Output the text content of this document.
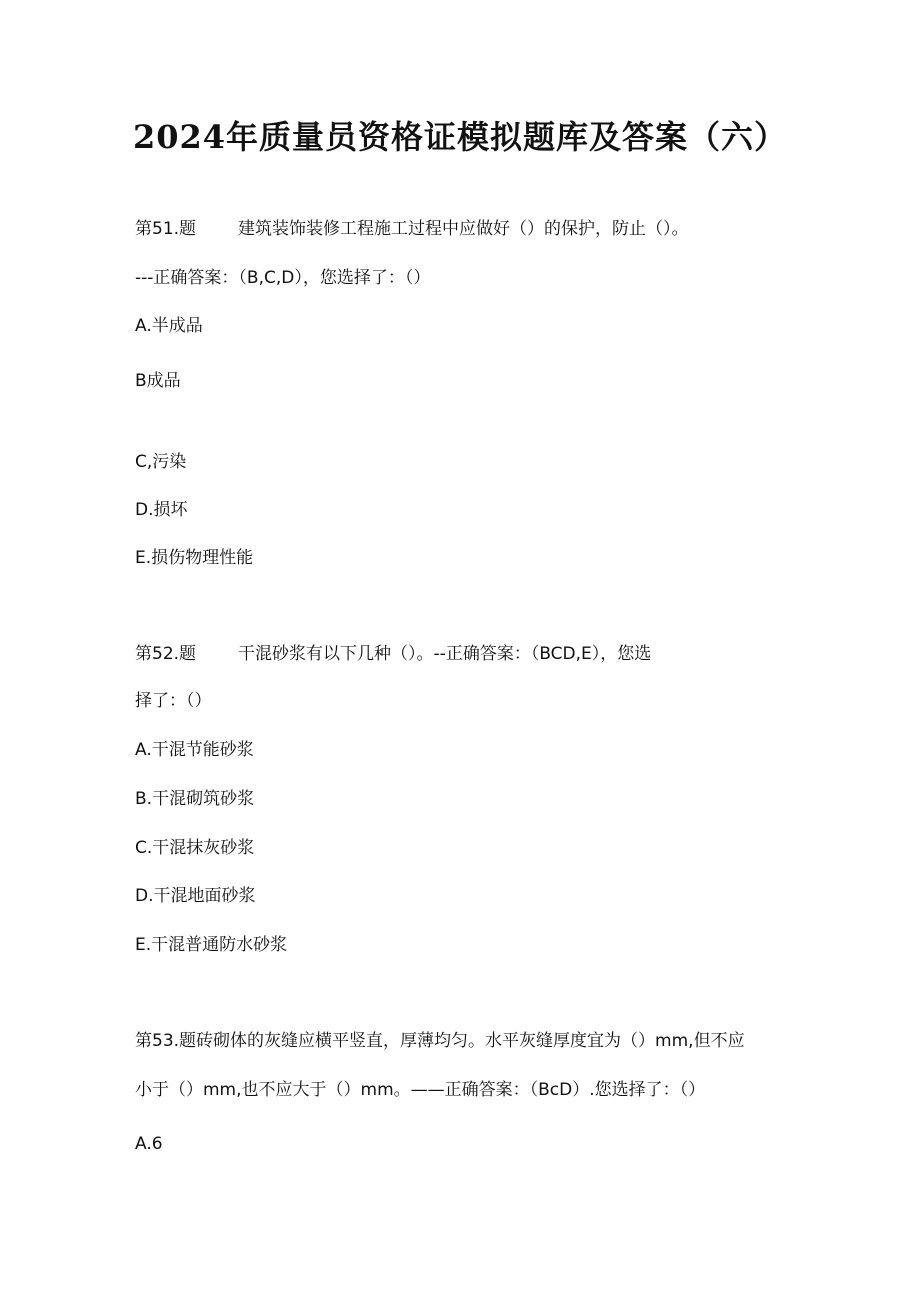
2024年质量员资格证模拟题库及答案（六）
第51.题 建筑装饰装修工程施工过程中应做好（）的保护，防止（）。
---正确答案：（B,C,D），您选择了：（）
A.半成品
B成品
C,污染
D.损坏
E.损伤物理性能
第52.题 干混砂浆有以下几种（）。--正确答案：（BCD,E），您选
择了：（）
A.干混节能砂浆
B.干混砌筑砂浆
C.干混抹灰砂浆
D.干混地面砂浆
E.干混普通防水砂浆
第53.题砖砌体的灰缝应横平竖直，厚薄均匀。水平灰缝厚度宜为（）mm,但不应
小于（）mm,也不应大于（）mm。——正确答案：（BcD）.您选择了：（）
A.6
